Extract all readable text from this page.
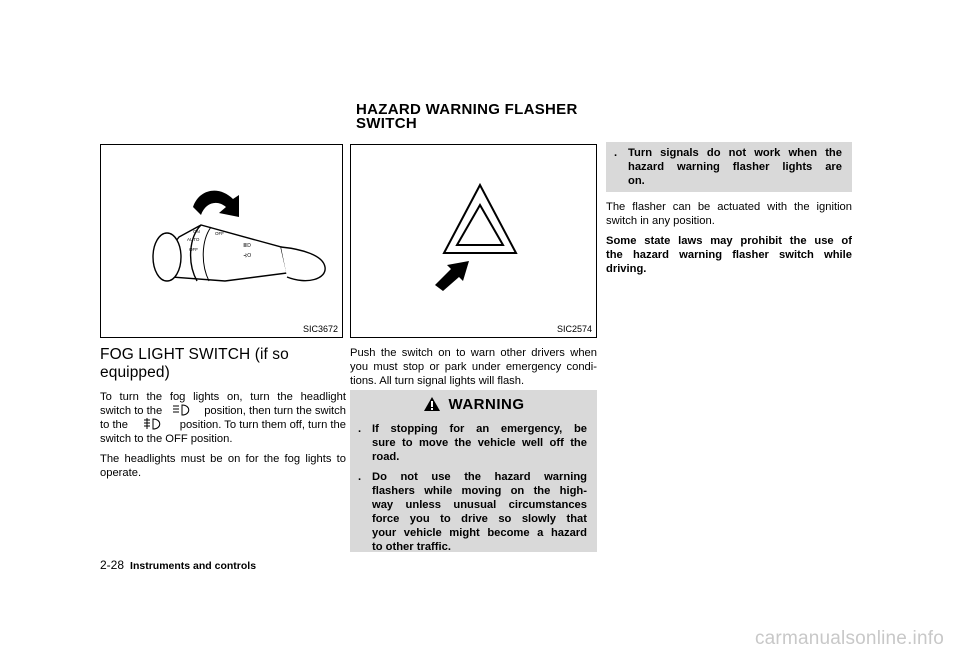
HAZARD WARNING FLASHER
SWITCH
ON
AUTO
OFF
OFF
≣D
⊰O
SIC3672
FOG LIGHT SWITCH (if so equipped)
To turn the fog lights on, turn the headlight
switch to the	position, then turn the switch
to the	position. To turn them off, turn the
switch to the OFF position.
The headlights must be on for the fog lights to
operate.
SIC2574
Push the switch on to warn other drivers when
you must stop or park under emergency condi-
tions. All turn signal lights will flash.
WARNING
. If stopping for an emergency, be
sure to move the vehicle well off the
road.
. Do not use the hazard warning
flashers while moving on the high-
way unless unusual circumstances
force you to drive so slowly that
your vehicle might become a hazard
to other traffic.
. Turn signals do not work when the
hazard warning flasher lights are
on.
The flasher can be actuated with the ignition
switch in any position.
Some state laws may prohibit the use of
the hazard warning flasher switch while
driving.
2-28 Instruments and controls
carmanualsonline.info
